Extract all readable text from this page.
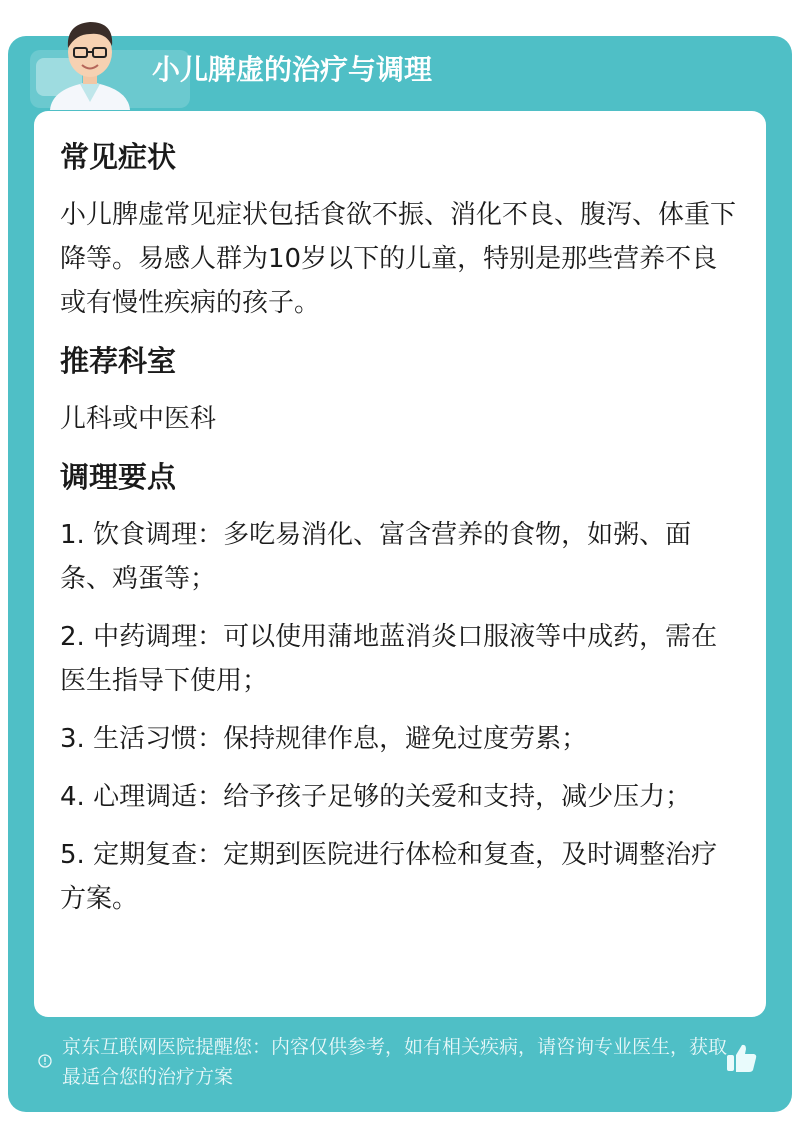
小儿脾虚的治疗与调理
常见症状
小儿脾虚常见症状包括食欲不振、消化不良、腹泻、体重下降等。易感人群为10岁以下的儿童，特别是那些营养不良或有慢性疾病的孩子。
推荐科室
儿科或中医科
调理要点
1. 饮食调理：多吃易消化、富含营养的食物，如粥、面条、鸡蛋等；
2. 中药调理：可以使用蒲地蓝消炎口服液等中成药，需在医生指导下使用；
3. 生活习惯：保持规律作息，避免过度劳累；
4. 心理调适：给予孩子足够的关爱和支持，减少压力；
5. 定期复查：定期到医院进行体检和复查，及时调整治疗方案。
京东互联网医院提醒您：内容仅供参考，如有相关疾病，请咨询专业医生，获取最适合您的治疗方案
